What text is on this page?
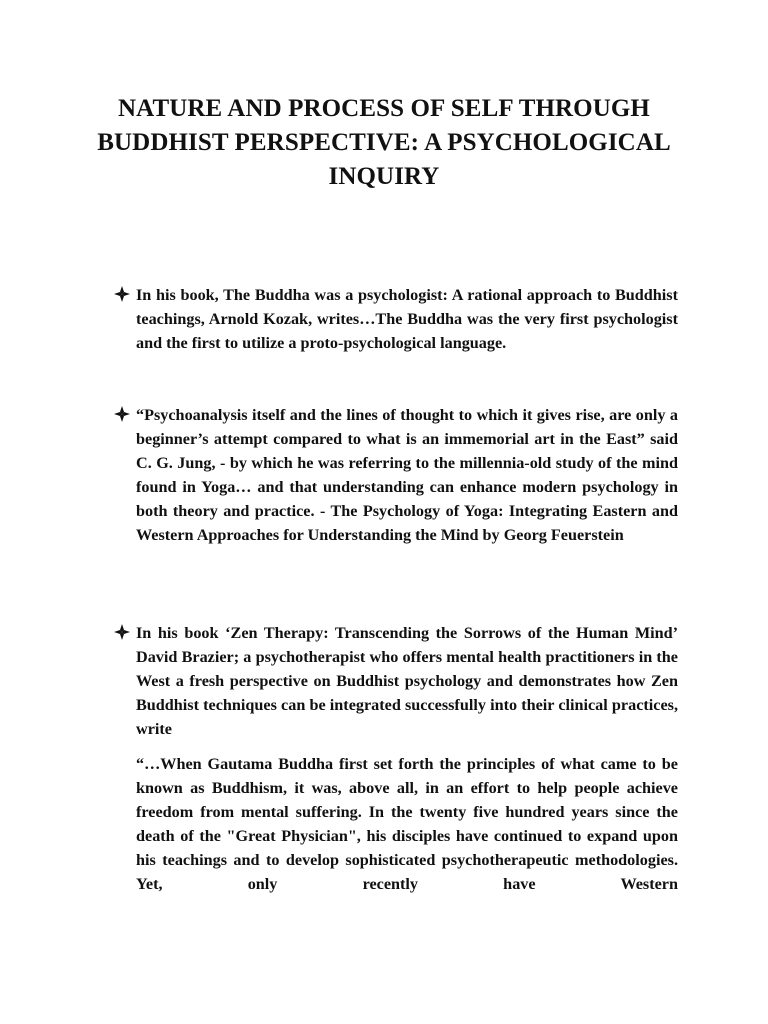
NATURE AND PROCESS OF SELF THROUGH
BUDDHIST PERSPECTIVE: A PSYCHOLOGICAL
INQUIRY
In his book, The Buddha was a psychologist: A rational approach to Buddhist teachings, Arnold Kozak, writes…The Buddha was the very first psychologist and the first to utilize a proto-psychological language.
“Psychoanalysis itself and the lines of thought to which it gives rise, are only a beginner’s attempt compared to what is an immemorial art in the East” said C. G. Jung, - by which he was referring to the millennia-old study of the mind found in Yoga… and that understanding can enhance modern psychology in both theory and practice. - The Psychology of Yoga: Integrating Eastern and Western Approaches for Understanding the Mind by Georg Feuerstein
In his book ‘Zen Therapy: Transcending the Sorrows of the Human Mind’ David Brazier; a psychotherapist who offers mental health practitioners in the West a fresh perspective on Buddhist psychology and demonstrates how Zen Buddhist techniques can be integrated successfully into their clinical practices, write
“…When Gautama Buddha first set forth the principles of what came to be known as Buddhism, it was, above all, in an effort to help people achieve freedom from mental suffering. In the twenty five hundred years since the death of the "Great Physician", his disciples have continued to expand upon his teachings and to develop sophisticated psychotherapeutic methodologies. Yet, only recently have Western
